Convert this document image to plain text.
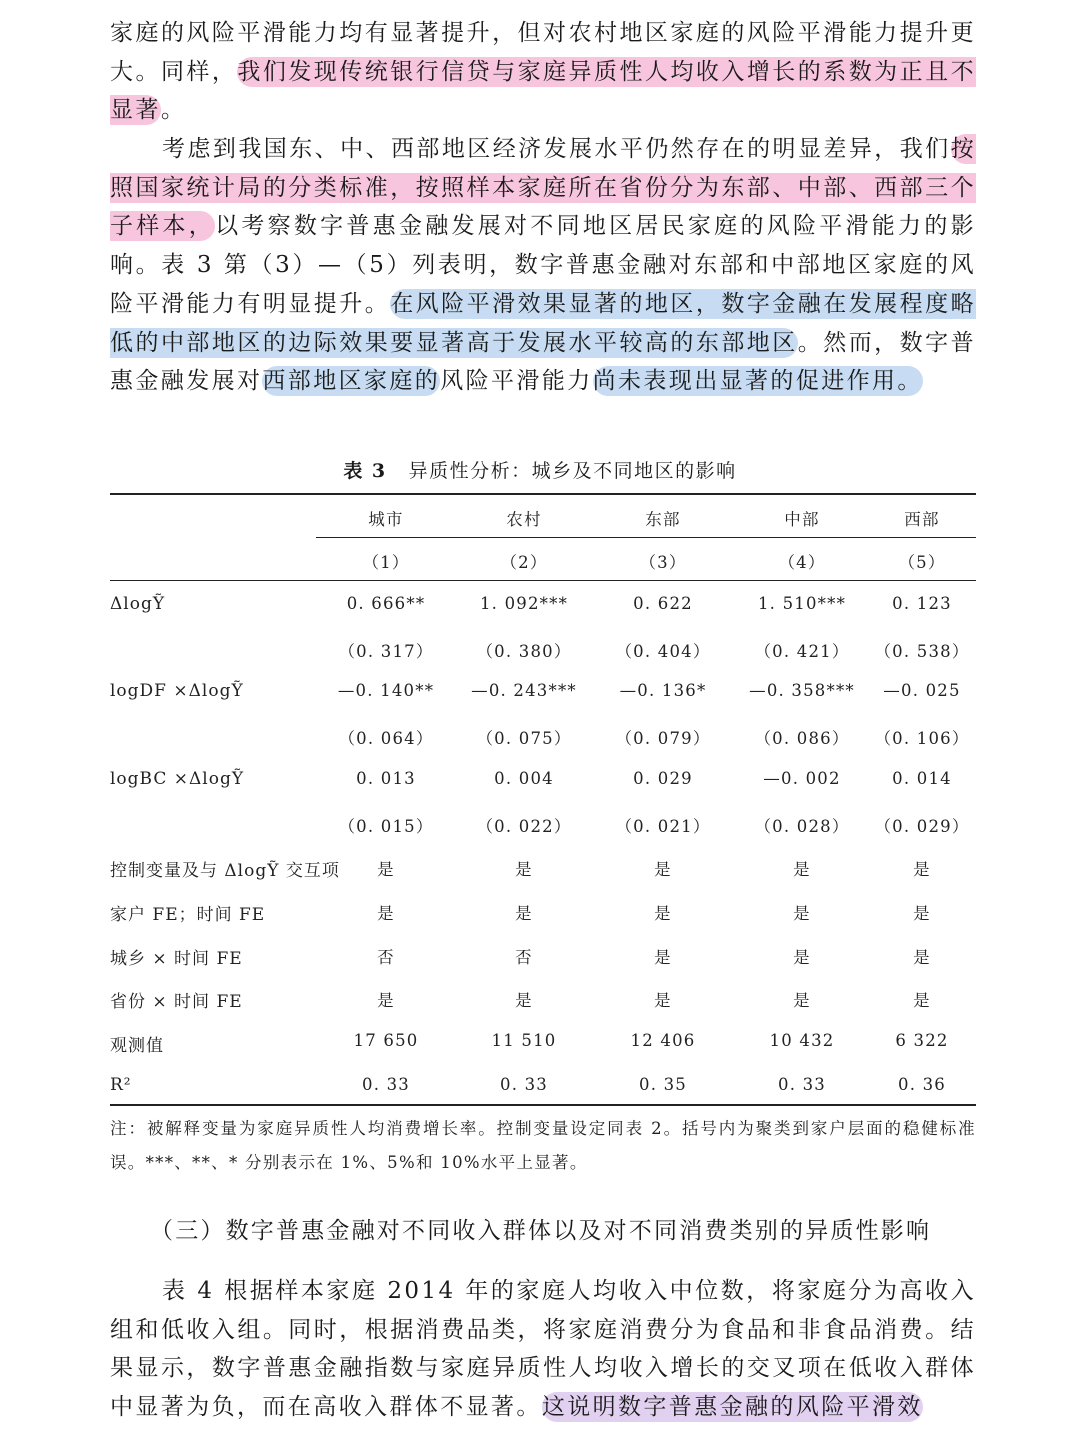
家庭的风险平滑能力均有显著提升，但对农村地区家庭的风险平滑能力提升更大。同样，我们发现传统银行信贷与家庭异质性人均收入增长的系数为正且不显著。
考虑到我国东、中、西部地区经济发展水平仍然存在的明显差异，我们按照国家统计局的分类标准，按照样本家庭所在省份分为东部、中部、西部三个子样本，以考察数字普惠金融发展对不同地区居民家庭的风险平滑能力的影响。表 3 第（3）—（5）列表明，数字普惠金融对东部和中部地区家庭的风险平滑能力有明显提升。在风险平滑效果显著的地区，数字金融在发展程度略低的中部地区的边际效果要显著高于发展水平较高的东部地区。然而，数字普惠金融发展对西部地区家庭的风险平滑能力尚未表现出显著的促进作用。
表 3 异质性分析：城乡及不同地区的影响
城市	农村	东部	中部	西部
（1）	（2）	（3）	（4）	（5）
ΔlogỸ	0. 666**	1. 092***	0. 622	1. 510***	0. 123
（0. 317）	（0. 380）	（0. 404）	（0. 421）	（0. 538）
logDF ×ΔlogỸ	—0. 140**	—0. 243***	—0. 136*	—0. 358***	—0. 025
（0. 064）	（0. 075）	（0. 079）	（0. 086）	（0. 106）
logBC ×ΔlogỸ	0. 013	0. 004	0. 029	—0. 002	0. 014
（0. 015）	（0. 022）	（0. 021）	（0. 028）	（0. 029）
控制变量及与 ΔlogỸ 交互项	是	是	是	是	是
家户 FE；时间 FE	是	是	是	是	是
城乡 × 时间 FE	否	否	是	是	是
省份 × 时间 FE	是	是	是	是	是
观测值	17 650	11 510	12 406	10 432	6 322
R²	0. 33	0. 33	0. 35	0. 33	0. 36
注：被解释变量为家庭异质性人均消费增长率。控制变量设定同表 2。括号内为聚类到家户层面的稳健标准误。***、**、* 分别表示在 1%、5%和 10%水平上显著。
（三）数字普惠金融对不同收入群体以及对不同消费类别的异质性影响
表 4 根据样本家庭 2014 年的家庭人均收入中位数，将家庭分为高收入组和低收入组。同时，根据消费品类，将家庭消费分为食品和非食品消费。结果显示，数字普惠金融指数与家庭异质性人均收入增长的交叉项在低收入群体中显著为负，而在高收入群体不显著。这说明数字普惠金融的风险平滑效
